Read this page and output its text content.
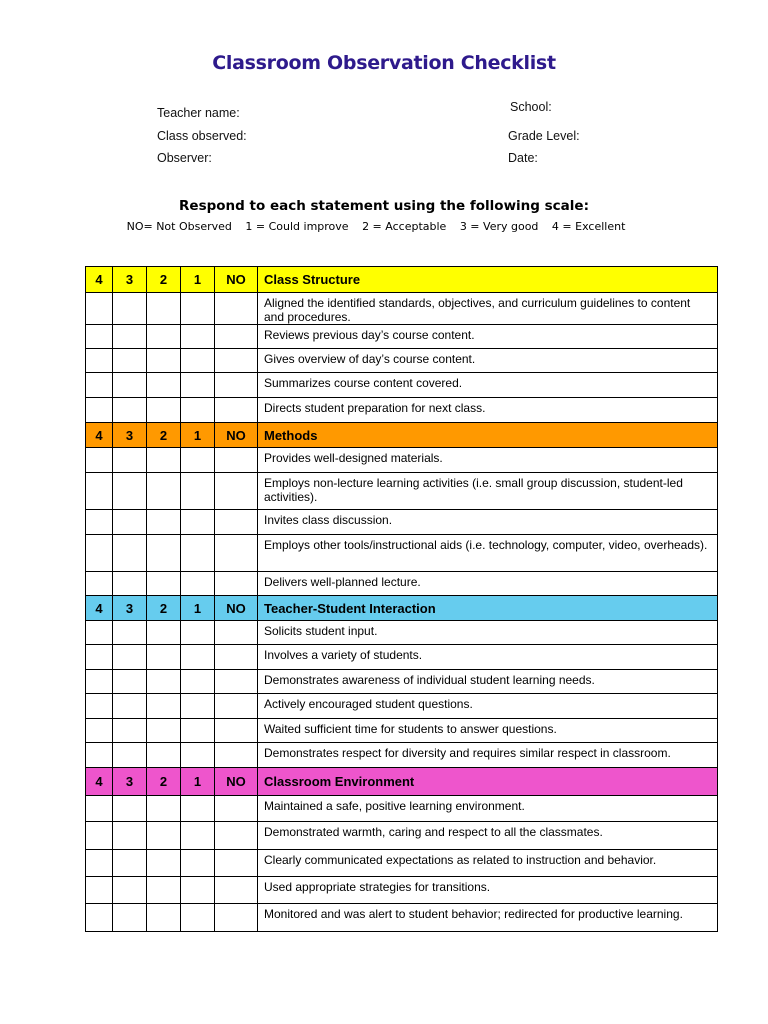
Classroom Observation Checklist
Teacher name:	School:
Class observed:	Grade Level:
Observer:	Date:
Respond to each statement using the following scale:
NO= Not Observed 1 = Could improve 2 = Acceptable 3 = Very good 4 = Excellent
4	3	2	1	NO	Class Structure
					Aligned the identified standards, objectives, and curriculum guidelines to content and procedures.
					Reviews previous day’s course content.
					Gives overview of day’s course content.
					Summarizes course content covered.
					Directs student preparation for next class.
4	3	2	1	NO	Methods
					Provides well-designed materials.
					Employs non-lecture learning activities (i.e. small group discussion, student-led activities).
					Invites class discussion.
					Employs other tools/instructional aids (i.e. technology, computer, video, overheads).
					Delivers well-planned lecture.
4	3	2	1	NO	Teacher-Student Interaction
					Solicits student input.
					Involves a variety of students.
					Demonstrates awareness of individual student learning needs.
					Actively encouraged student questions.
					Waited sufficient time for students to answer questions.
					Demonstrates respect for diversity and requires similar respect in classroom.
4	3	2	1	NO	Classroom Environment
					Maintained a safe, positive learning environment.
					Demonstrated warmth, caring and respect to all the classmates.
					Clearly communicated expectations as related to instruction and behavior.
					Used appropriate strategies for transitions.
					Monitored and was alert to student behavior; redirected for productive learning.
